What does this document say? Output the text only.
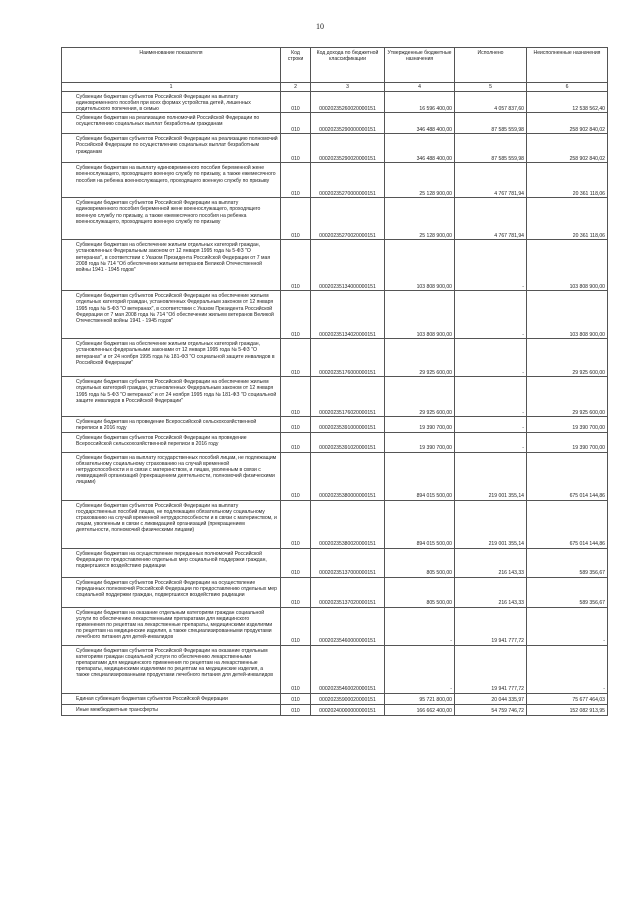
10
Наименование показателя	Код строки	Код дохода по бюджетной классификации	Утвержденные бюджетные назначения	Исполнено	Неисполненные назначения
1	2	3	4	5	6
Субвенции бюджетам субъектов Российской Федерации на выплату единовременного пособия при всех формах устройства детей, лишенных родительского попечения, в семью	010	00020235260020000151	16 596 400,00	4 057 837,60	12 538 562,40
Субвенции бюджетам на реализацию полномочий Российской Федерации по осуществлению социальных выплат безработным гражданам	010	00020235290000000151	346 488 400,00	87 585 559,98	258 902 840,02
Субвенции бюджетам субъектов Российской Федерации на реализацию полномочий Российской Федерации по осуществлению социальных выплат безработным гражданам	010	00020235290020000151	346 488 400,00	87 585 559,98	258 902 840,02
Субвенции бюджетам на выплату единовременного пособия беременной жене военнослужащего, проходящего военную службу по призыву, а также ежемесячного пособия на ребенка военнослужащего, проходящего военную службу по призыву	010	00020235270000000151	25 128 900,00	4 767 781,94	20 361 118,06
Субвенции бюджетам субъектов Российской Федерации на выплату единовременного пособия беременной жене военнослужащего, проходящего военную службу по призыву, а также ежемесячного пособия на ребенка военнослужащего, проходящего военную службу по призыву	010	00020235270020000151	25 128 900,00	4 767 781,94	20 361 118,06
Субвенции бюджетам на обеспечение жильем отдельных категорий граждан, установленных Федеральным законом от 12 января 1995 года № 5-ФЗ "О ветеранах", в соответствии с Указом Президента Российской Федерации от 7 мая 2008 года № 714 "Об обеспечении жильем ветеранов Великой Отечественной войны 1941 - 1945 годов"	010	00020235134000000151	103 808 900,00	-	103 808 900,00
Субвенции бюджетам субъектов Российской Федерации на обеспечение жильем отдельных категорий граждан, установленных Федеральным законом от 12 января 1995 года № 5-ФЗ "О ветеранах", в соответствии с Указом Президента Российской Федерации от 7 мая 2008 года № 714 "Об обеспечении жильем ветеранов Великой Отечественной войны 1941 - 1945 годов"	010	00020235134020000151	103 808 900,00	-	103 808 900,00
Субвенции бюджетам на обеспечение жильем отдельных категорий граждан, установленных федеральными законами от 12 января 1995 года № 5-ФЗ "О ветеранах" и от 24 ноября 1995 года № 181-ФЗ "О социальной защите инвалидов в Российской Федерации"	010	00020235176000000151	29 925 600,00	-	29 925 600,00
Субвенции бюджетам субъектов Российской Федерации на обеспечение жильем отдельных категорий граждан, установленных Федеральным законом от 12 января 1995 года № 5-ФЗ "О ветеранах" и от 24 ноября 1995 года № 181-ФЗ "О социальной защите инвалидов в Российской Федерации"	010	00020235176020000151	29 925 600,00	-	29 925 600,00
Субвенции бюджетам на проведение Всероссийской сельскохозяйственной переписи в 2016 году	010	00020235391000000151	19 390 700,00	-	19 390 700,00
Субвенции бюджетам субъектов Российской Федерации на проведение Всероссийской сельскохозяйственной переписи в 2016 году	010	00020235391020000151	19 390 700,00	-	19 390 700,00
Субвенции бюджетам на выплату государственных пособий лицам, не подлежащим обязательному социальному страхованию на случай временной нетрудоспособности и в связи с материнством, и лицам, уволенным в связи с ликвидацией организаций (прекращением деятельности, полномочий физическими лицами)	010	00020235380000000151	894 015 500,00	219 001 355,14	675 014 144,86
Субвенции бюджетам субъектов Российской Федерации на выплату государственных пособий лицам, не подлежащим обязательному социальному страхованию на случай временной нетрудоспособности и в связи с материнством, и лицам, уволенным в связи с ликвидацией организаций (прекращением деятельности, полномочий физическими лицами)	010	00020235380020000151	894 015 500,00	219 001 355,14	675 014 144,86
Субвенции бюджетам на осуществление переданных полномочий Российской Федерации по предоставлению отдельных мер социальной поддержки граждан, подвергшихся воздействию радиации	010	00020235137000000151	805 500,00	216 143,33	589 356,67
Субвенции бюджетам субъектов Российской Федерации на осуществление переданных полномочий Российской Федерации по предоставлению отдельных мер социальной поддержки граждан, подвергшихся воздействию радиации	010	00020235137020000151	805 500,00	216 143,33	589 356,67
Субвенции бюджетам на оказание отдельным категориям граждан социальной услуги по обеспечению лекарственными препаратами для медицинского применения по рецептам на лекарственные препараты, медицинскими изделиями по рецептам на медицинские изделия, а также специализированными продуктами лечебного питания для детей-инвалидов	010	00020235460000000151	-	19 941 777,72	-
Субвенции бюджетам субъектов Российской Федерации на оказание отдельным категориям граждан социальной услуги по обеспечению лекарственными препаратами для медицинского применения по рецептам на лекарственные препараты, медицинскими изделиями по рецептам на медицинские изделия, а также специализированными продуктами лечебного питания для детей-инвалидов	010	00020235460020000151	-	19 941 777,72	-
Единая субвенция бюджетам субъектов Российской Федерации	010	00020235900020000151	95 721 800,00	20 044 335,97	75 677 464,03
Иные межбюджетные трансферты	010	00020240000000000151	166 662 400,00	54 759 746,72	152 082 913,95
